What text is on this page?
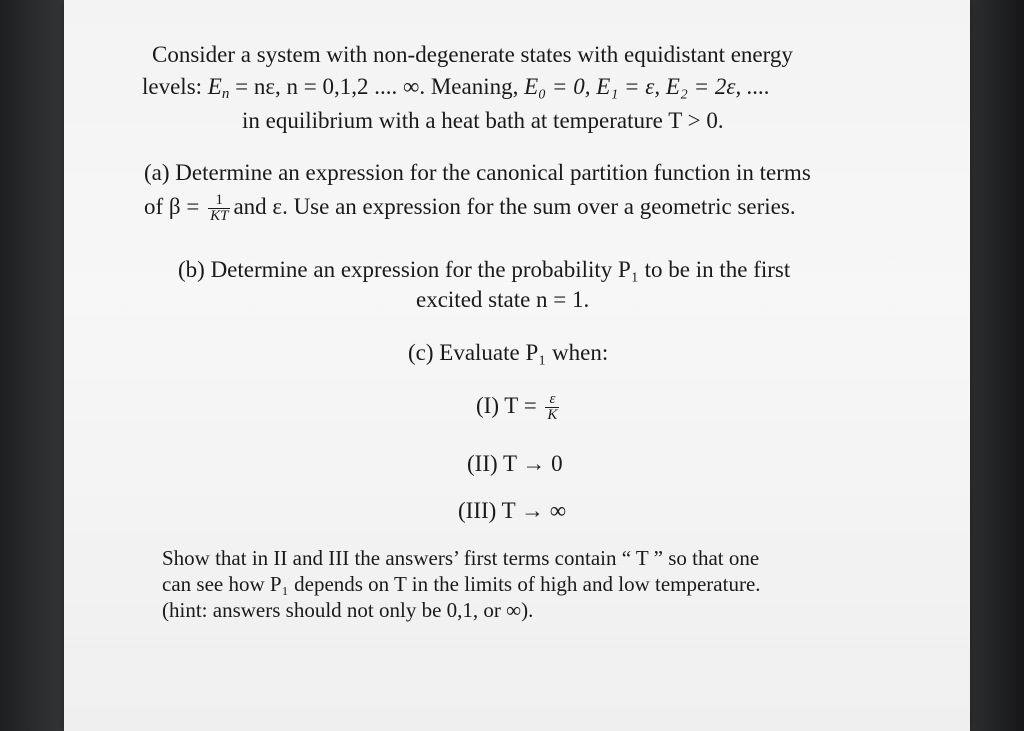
Consider a system with non-degenerate states with equidistant energy
levels: $E_n = n\varepsilon$, n = 0,1,2 .... ∞. Meaning, E₀ = 0, E₁ = ε, E₂ = 2ε, ....
in equilibrium with a heat bath at temperature T > 0.
(a) Determine an expression for the canonical partition function in terms
of $\beta = \frac{1}{KT}$ and ε. Use an expression for the sum over a geometric series.
(b) Determine an expression for the probability P₁ to be in the first
excited state n = 1.
(c) Evaluate P₁ when:
(I) $T = \frac{\varepsilon}{K}$
(II) T → 0
(III) T → ∞
Show that in II and III the answers’ first terms contain “ T ” so that one
can see how P₁ depends on T in the limits of high and low temperature.
(hint: answers should not only be 0,1, or ∞).
